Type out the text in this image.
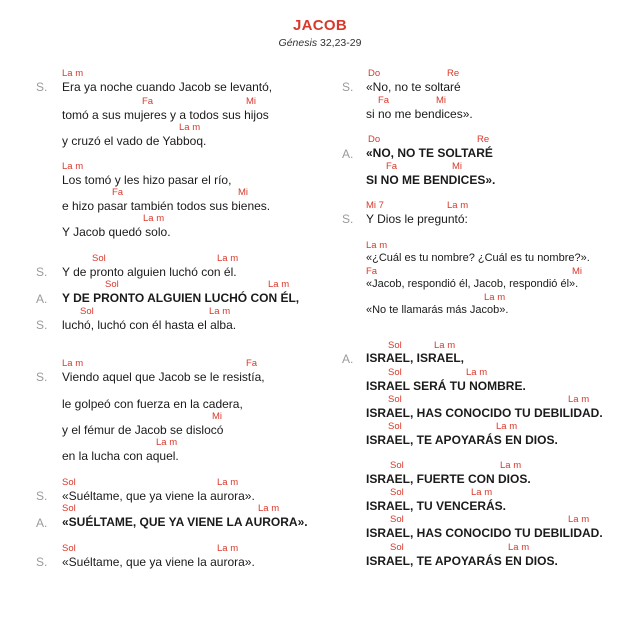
JACOB
Génesis 32,23-29
La m
S. Era ya noche cuando Jacob se levantó,
Fa	Mi
tomó a sus mujeres y a todos sus hijos
La m
y cruzó el vado de Yabboq.
La m
Los tomó y les hizo pasar el río,
Fa	Mi
e hizo pasar también todos sus bienes.
La m
Y Jacob quedó solo.
Sol	La m
S. Y de pronto alguien luchó con él.
Sol	La m
A. Y DE PRONTO ALGUIEN LUCHÓ CON ÉL,
Sol	La m
S. luchó, luchó con él hasta el alba.
La m	Fa
S. Viendo aquel que Jacob se le resistía,
le golpeó con fuerza en la cadera,
Mi
y el fémur de Jacob se dislocó
La m
en la lucha con aquel.
Sol	La m
S. «Suéltame, que ya viene la aurora».
Sol	La m
A. «SUÉLTAME, QUE YA VIENE LA AURORA».
Sol	La m
S. «Suéltame, que ya viene la aurora».
Do	Re
S. «No, no te soltaré
Fa	Mi
si no me bendices».
Do	Re
A. «NO, NO TE SOLTARÉ
Fa	Mi
SI NO ME BENDICES».
Mi 7	La m
S. Y Dios le preguntó:
La m
«¿Cuál es tu nombre? ¿Cuál es tu nombre?».
Fa	Mi
«Jacob, respondió él, Jacob, respondió él».
La m
«No te llamarás más Jacob».
Sol	La m
A. ISRAEL, ISRAEL,
Sol	La m
ISRAEL SERÁ TU NOMBRE.
Sol	La m
ISRAEL, HAS CONOCIDO TU DEBILIDAD.
Sol	La m
ISRAEL, TE APOYARÁS EN DIOS.
Sol	La m
ISRAEL, FUERTE CON DIOS.
Sol	La m
ISRAEL, TU VENCERÁS.
Sol	La m
ISRAEL, HAS CONOCIDO TU DEBILIDAD.
Sol	La m
ISRAEL, TE APOYARÁS EN DIOS.
